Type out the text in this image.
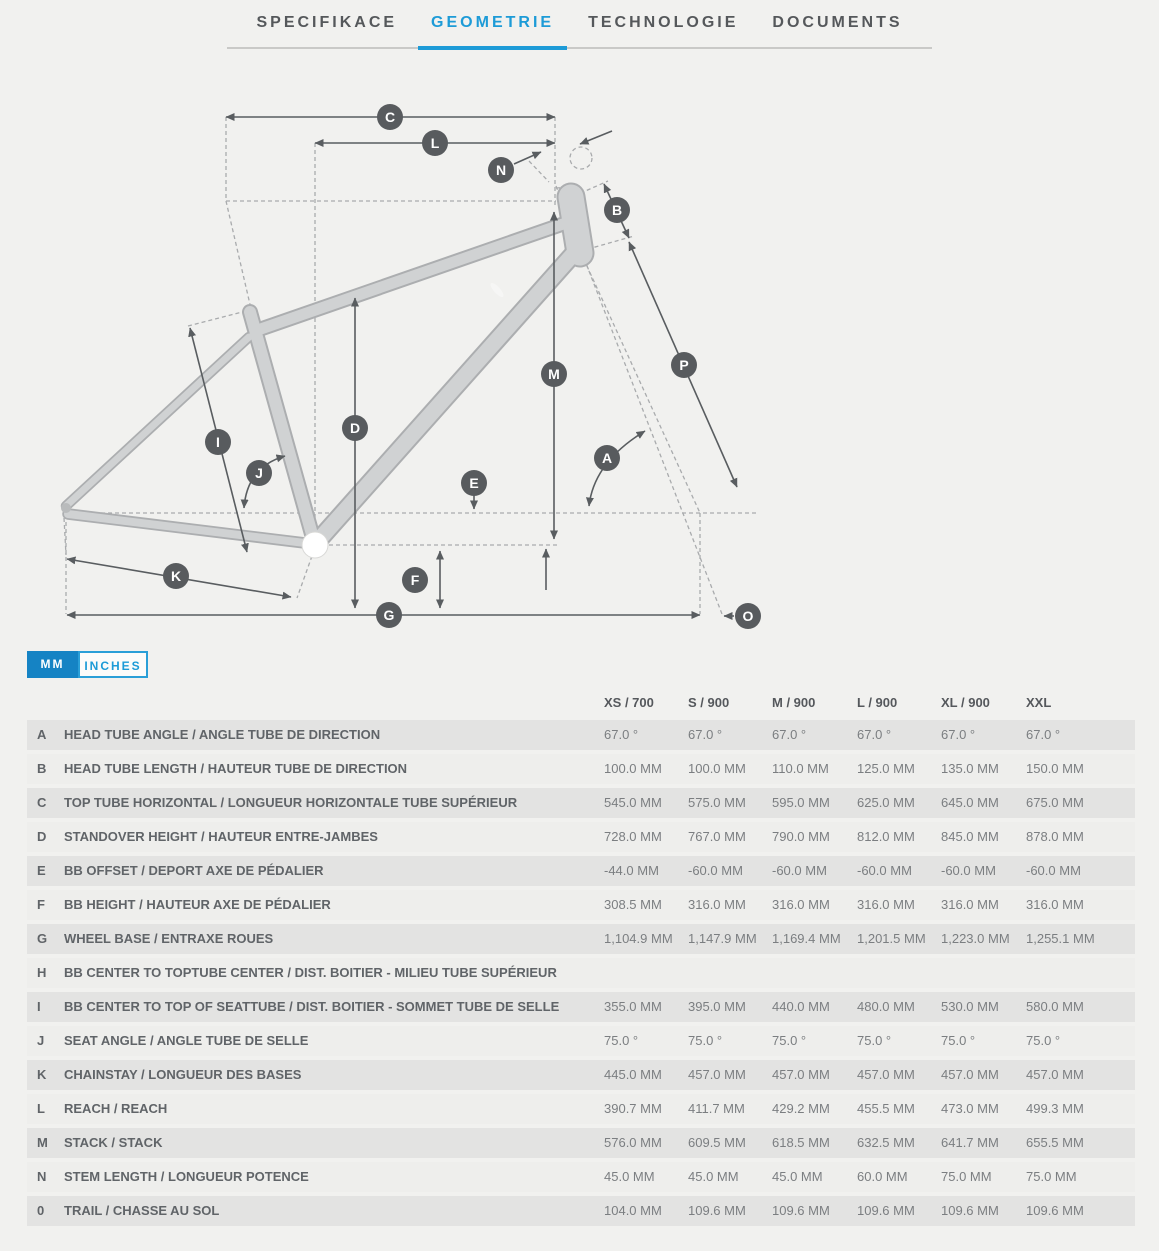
SPECIFIKACE	GEOMETRIE	TECHNOLOGIE	DOCUMENTS
C
L
N
B
M
P
D
I
J
E
A
K	F
G	O
MM	INCHES
XS / 700	S / 900	M / 900	L / 900	XL / 900	XXL
A HEAD TUBE ANGLE / ANGLE TUBE DE DIRECTION	67.0 °	67.0 °	67.0 °	67.0 °	67.0 °	67.0 °
B HEAD TUBE LENGTH / HAUTEUR TUBE DE DIRECTION	100.0 MM 100.0 MM 110.0 MM 125.0 MM 135.0 MM 150.0 MM
C TOP TUBE HORIZONTAL / LONGUEUR HORIZONTALE TUBE SUPÉRIEUR	545.0 MM 575.0 MM 595.0 MM 625.0 MM 645.0 MM 675.0 MM
D STANDOVER HEIGHT / HAUTEUR ENTRE-JAMBES	728.0 MM 767.0 MM 790.0 MM 812.0 MM 845.0 MM 878.0 MM
E BB OFFSET / DEPORT AXE DE PÉDALIER	-44.0 MM -60.0 MM -60.0 MM -60.0 MM -60.0 MM -60.0 MM
F BB HEIGHT / HAUTEUR AXE DE PÉDALIER	308.5 MM 316.0 MM 316.0 MM 316.0 MM 316.0 MM 316.0 MM
G WHEEL BASE / ENTRAXE ROUES	1,104.9 MM 1,147.9 MM 1,169.4 MM 1,201.5 MM 1,223.0 MM 1,255.1 MM
H BB CENTER TO TOPTUBE CENTER / DIST. BOITIER - MILIEU TUBE SUPÉRIEUR
I BB CENTER TO TOP OF SEATTUBE / DIST. BOITIER - SOMMET TUBE DE SELLE	355.0 MM 395.0 MM 440.0 MM 480.0 MM 530.0 MM 580.0 MM
J SEAT ANGLE / ANGLE TUBE DE SELLE	75.0 °	75.0 °	75.0 °	75.0 °	75.0 °	75.0 °
K CHAINSTAY / LONGUEUR DES BASES	445.0 MM 457.0 MM 457.0 MM 457.0 MM 457.0 MM 457.0 MM
L REACH / REACH	390.7 MM 411.7 MM 429.2 MM 455.5 MM 473.0 MM 499.3 MM
M STACK / STACK	576.0 MM 609.5 MM 618.5 MM 632.5 MM 641.7 MM 655.5 MM
N STEM LENGTH / LONGUEUR POTENCE	45.0 MM	45.0 MM	45.0 MM	60.0 MM	75.0 MM	75.0 MM
0 TRAIL / CHASSE AU SOL	104.0 MM 109.6 MM 109.6 MM 109.6 MM 109.6 MM 109.6 MM
